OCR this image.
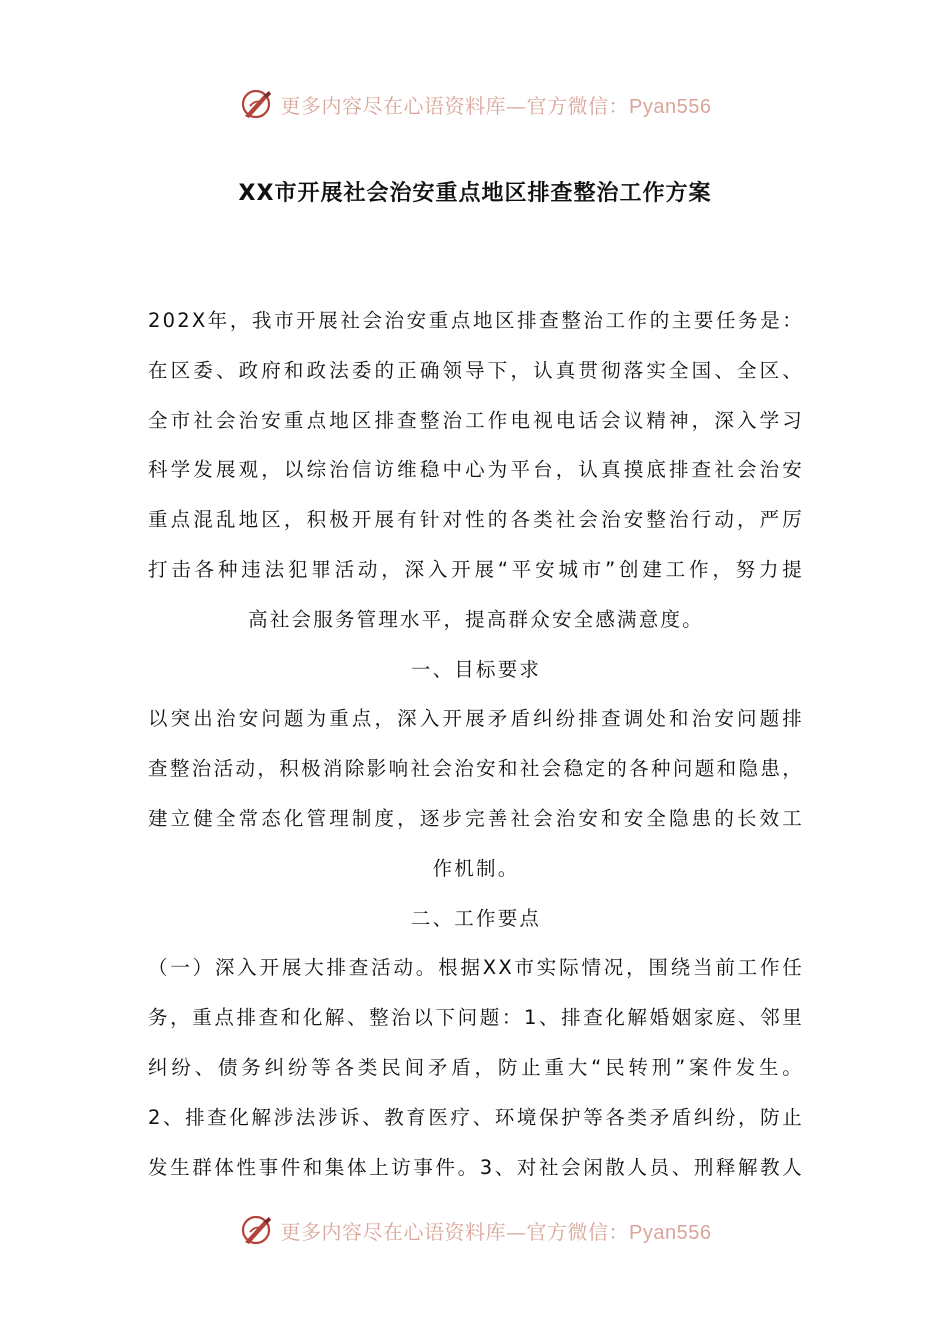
更多内容尽在心语资料库—官方微信：Pyan556
XX市开展社会治安重点地区排查整治工作方案
202X年，我市开展社会治安重点地区排查整治工作的主要任务是：
在区委、政府和政法委的正确领导下，认真贯彻落实全国、全区、
全市社会治安重点地区排查整治工作电视电话会议精神，深入学习
科学发展观，以综治信访维稳中心为平台，认真摸底排查社会治安
重点混乱地区，积极开展有针对性的各类社会治安整治行动，严厉
打击各种违法犯罪活动，深入开展“平安城市”创建工作，努力提
高社会服务管理水平，提高群众安全感满意度。
一、目标要求
以突出治安问题为重点，深入开展矛盾纠纷排查调处和治安问题排
查整治活动，积极消除影响社会治安和社会稳定的各种问题和隐患，
建立健全常态化管理制度，逐步完善社会治安和安全隐患的长效工
作机制。
二、工作要点
（一）深入开展大排查活动。根据XX市实际情况，围绕当前工作任
务，重点排查和化解、整治以下问题：1、排查化解婚姻家庭、邻里
纠纷、债务纠纷等各类民间矛盾，防止重大“民转刑”案件发生。
2、排查化解涉法涉诉、教育医疗、环境保护等各类矛盾纠纷，防止
发生群体性事件和集体上访事件。3、对社会闲散人员、刑释解教人
更多内容尽在心语资料库—官方微信：Pyan556
